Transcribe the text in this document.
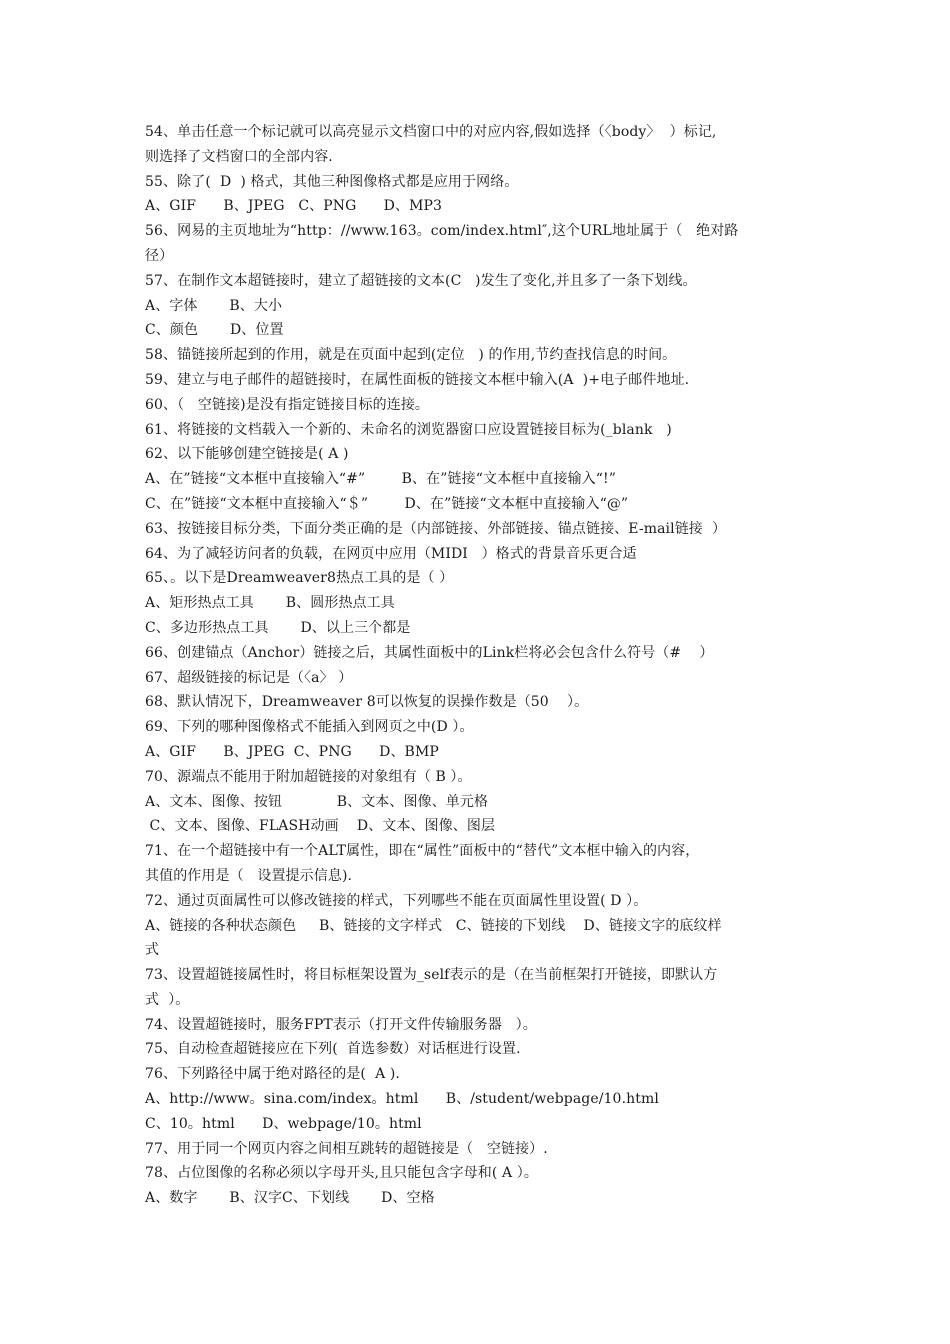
54、单击任意一个标记就可以高亮显示文档窗口中的对应内容,假如选择（〈body〉  ）标记,
则选择了文档窗口的全部内容.
55、除了(  D  ) 格式，其他三种图像格式都是应用于网络。
A、GIF      B、JPEG   C、PNG      D、MP3
56、网易的主页地址为“http：//www.163。com/index.html″,这个URL地址属于（   绝对路
径）
57、在制作文本超链接时，建立了超链接的文本(C   )发生了变化,并且多了一条下划线。
A、字体       B、大小
C、颜色       D、位置
58、锚链接所起到的作用，就是在页面中起到(定位   ) 的作用,节约查找信息的时间。
59、建立与电子邮件的超链接时，在属性面板的链接文本框中输入(A  )+电子邮件地址.
60、（   空链接)是没有指定链接目标的连接。
61、将链接的文档载入一个新的、未命名的浏览器窗口应设置链接目标为(_blank   )
62、以下能够创建空链接是( A )
A、在”链接“文本框中直接输入“#”        B、在”链接“文本框中直接输入“!”
C、在”链接“文本框中直接输入“＄”        D、在”链接“文本框中直接输入“@”
63、按链接目标分类，下面分类正确的是（内部链接、外部链接、锚点链接、E-mail链接  ）
64、为了减轻访问者的负载，在网页中应用（MIDI   ）格式的背景音乐更合适
65、。以下是Dreamweaver8热点工具的是（ ）
A、矩形热点工具       B、圆形热点工具
C、多边形热点工具       D、以上三个都是
66、创建锚点（Anchor）链接之后，其属性面板中的Link栏将必会包含什么符号（#    ）
67、超级链接的标记是（〈a〉 ）
68、默认情况下，Dreamweaver 8可以恢复的误操作数是（50    ）。
69、下列的哪种图像格式不能插入到网页之中(D ）。
A、GIF      B、JPEG  C、PNG      D、BMP
70、源端点不能用于附加超链接的对象组有（ B ）。
A、文本、图像、按钮            B、文本、图像、单元格
C、文本、图像、FLASH动画    D、文本、图像、图层
71、在一个超链接中有一个ALT属性，即在“属性”面板中的“替代”文本框中输入的内容，
其值的作用是（   设置提示信息).
72、通过页面属性可以修改链接的样式，下列哪些不能在页面属性里设置( D ）。
A、链接的各种状态颜色     B、链接的文字样式   C、链接的下划线    D、链接文字的底纹样
式
73、设置超链接属性时，将目标框架设置为_self表示的是（在当前框架打开链接，即默认方
式  ）。
74、设置超链接时，服务FPT表示（打开文件传输服务器   ）。
75、自动检查超链接应在下列(  首选参数）对话框进行设置.
76、下列路径中属于绝对路径的是(  A ).
A、http://www。sina.com/index。html      B、/student/webpage/10.html
C、10。html      D、webpage/10。html
77、用于同一个网页内容之间相互跳转的超链接是（   空链接）.
78、占位图像的名称必须以字母开头,且只能包含字母和( A ）。
A、数字       B、汉字C、下划线       D、空格
